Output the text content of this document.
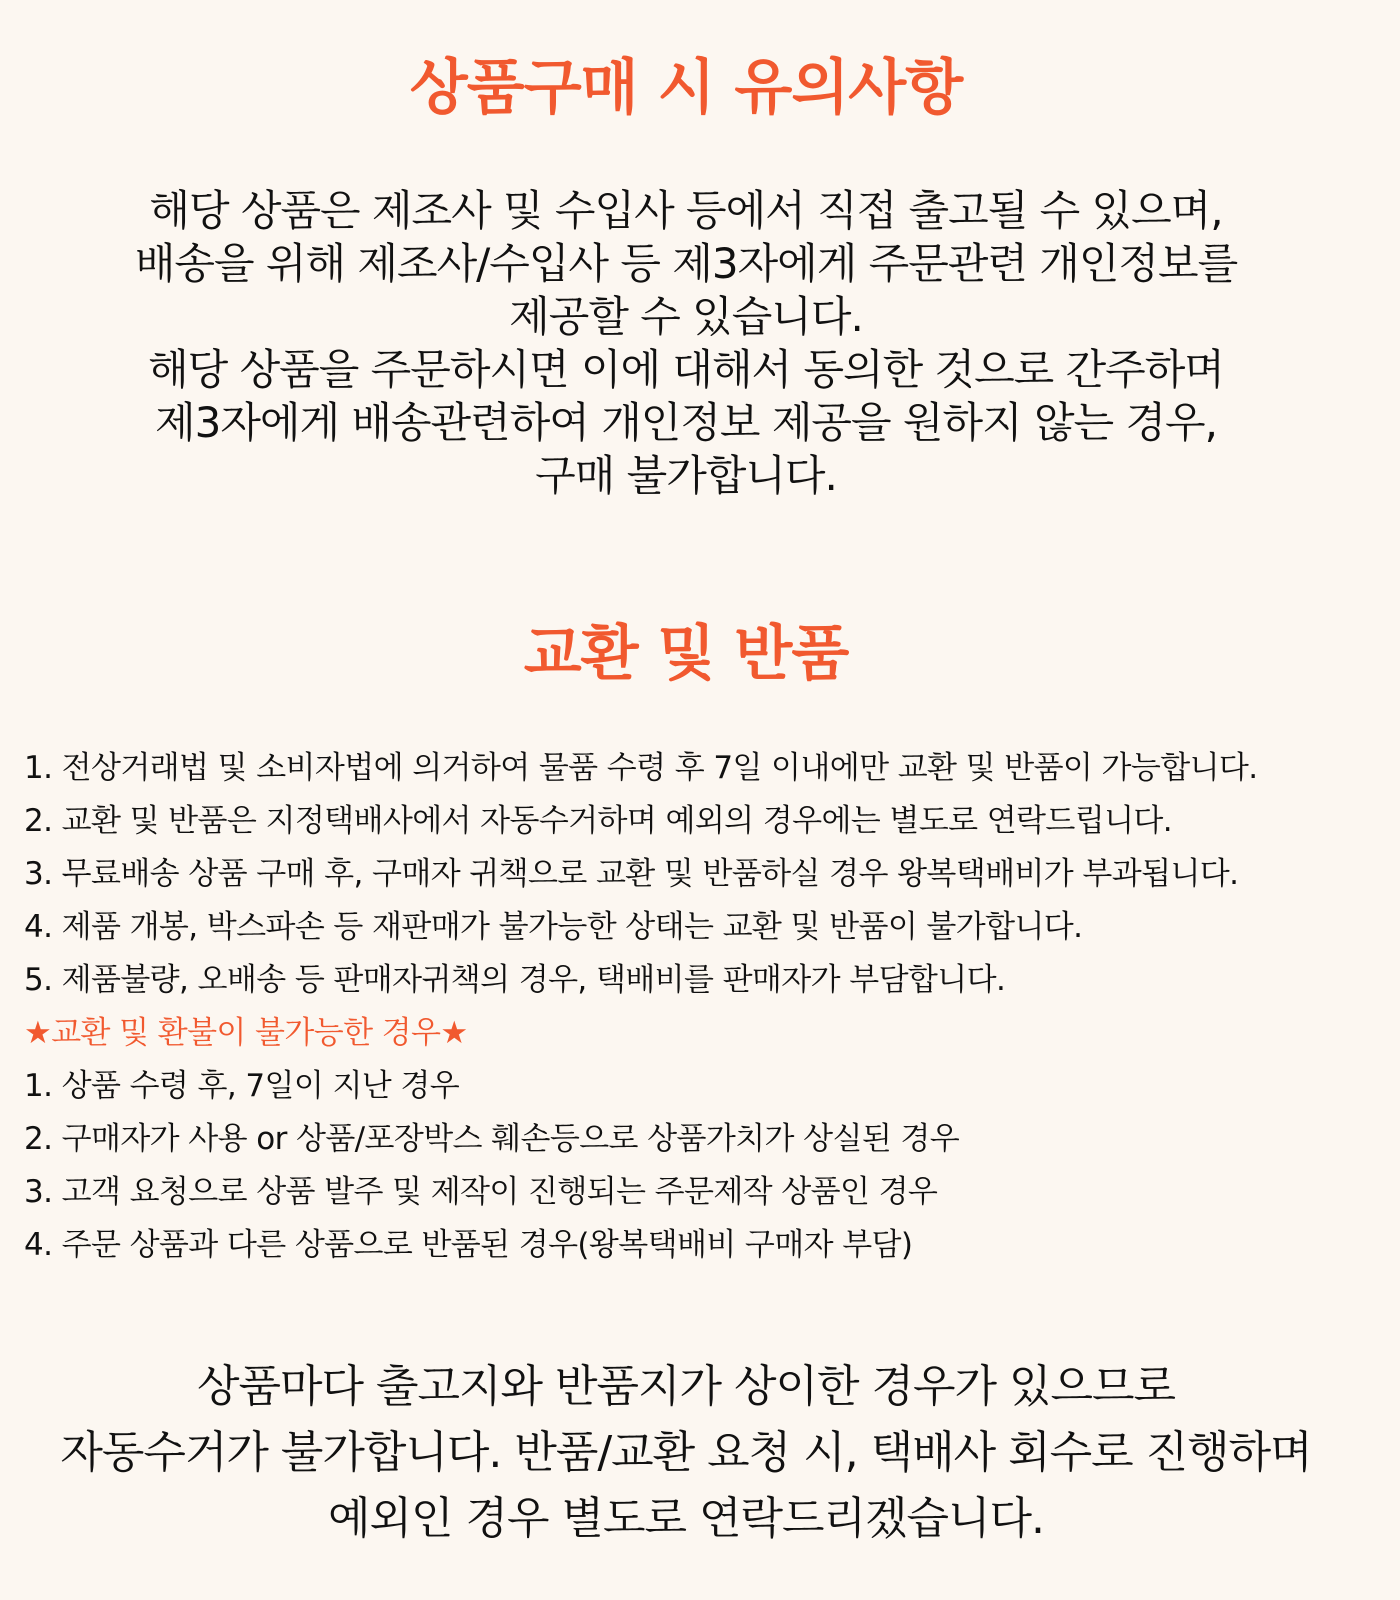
상품구매 시 유의사항
해당 상품은 제조사 및 수입사 등에서 직접 출고될 수 있으며,
배송을 위해 제조사/수입사 등 제3자에게 주문관련 개인정보를
제공할 수 있습니다.
해당 상품을 주문하시면 이에 대해서 동의한 것으로 간주하며
제3자에게 배송관련하여 개인정보 제공을 원하지 않는 경우,
구매 불가합니다.
교환 및 반품
1. 전상거래법 및 소비자법에 의거하여 물품 수령 후 7일 이내에만 교환 및 반품이 가능합니다.
2. 교환 및 반품은 지정택배사에서 자동수거하며 예외의 경우에는 별도로 연락드립니다.
3. 무료배송 상품 구매 후, 구매자 귀책으로 교환 및 반품하실 경우 왕복택배비가 부과됩니다.
4. 제품 개봉, 박스파손 등 재판매가 불가능한 상태는 교환 및 반품이 불가합니다.
5. 제품불량, 오배송 등 판매자귀책의 경우, 택배비를 판매자가 부담합니다.
★교환 및 환불이 불가능한 경우★
1. 상품 수령 후, 7일이 지난 경우
2. 구매자가 사용 or 상품/포장박스 훼손등으로 상품가치가 상실된 경우
3. 고객 요청으로 상품 발주 및 제작이 진행되는 주문제작 상품인 경우
4. 주문 상품과 다른 상품으로 반품된 경우(왕복택배비 구매자 부담)
상품마다 출고지와 반품지가 상이한 경우가 있으므로
자동수거가 불가합니다. 반품/교환 요청 시, 택배사 회수로 진행하며
예외인 경우 별도로 연락드리겠습니다.
